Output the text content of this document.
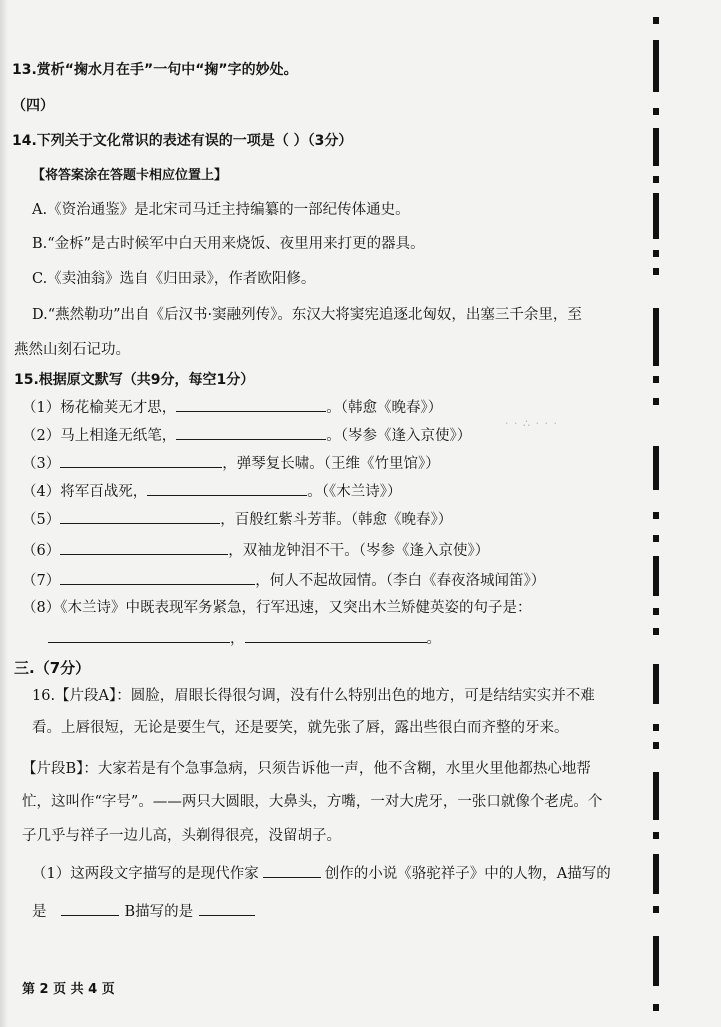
13.赏析“掬水月在手”一句中“掬”字的妙处。
（四）
14.下列关于文化常识的表述有误的一项是（ ）（3分）
【将答案涂在答题卡相应位置上】
A.《资治通鉴》是北宋司马迁主持编纂的一部纪传体通史。
B.“金柝”是古时候军中白天用来烧饭、夜里用来打更的器具。
C.《卖油翁》选自《归田录》，作者欧阳修。
D.“燕然勒功”出自《后汉书·窦融列传》。东汉大将窦宪追逐北匈奴，出塞三千余里，至
燕然山刻石记功。
15.根据原文默写（共9分，每空1分）
（1）杨花榆荚无才思，	。（韩愈《晚春》）
（2）马上相逢无纸笔，	。（岑参《逢入京使》）
（3）	，弹琴复长啸。（王维《竹里馆》）
（4）将军百战死，	。（《木兰诗》）
（5）	，百般红紫斗芳菲。（韩愈《晚春》）
（6）	，双袖龙钟泪不干。（岑参《逢入京使》）
（7）	，何人不起故园情。（李白《春夜洛城闻笛》）
（8）《木兰诗》中既表现军务紧急，行军迅速，又突出木兰矫健英姿的句子是：
，	。
三.（7分）
16.【片段A】：圆脸，眉眼长得很匀调，没有什么特别出色的地方，可是结结实实并不难
看。上唇很短，无论是要生气，还是要笑，就先张了唇，露出些很白而齐整的牙来。
【片段B】：大家若是有个急事急病，只须告诉他一声，他不含糊，水里火里他都热心地帮
忙，这叫作“字号”。——两只大圆眼，大鼻头，方嘴，一对大虎牙，一张口就像个老虎。个
子几乎与祥子一边儿高，头剃得很亮，没留胡子。
（1）这两段文字描写的是现代作家	创作的小说《骆驼祥子》中的人物，A描写的
是	B描写的是
第 2 页 共 4 页
· · ∴ · · ·
